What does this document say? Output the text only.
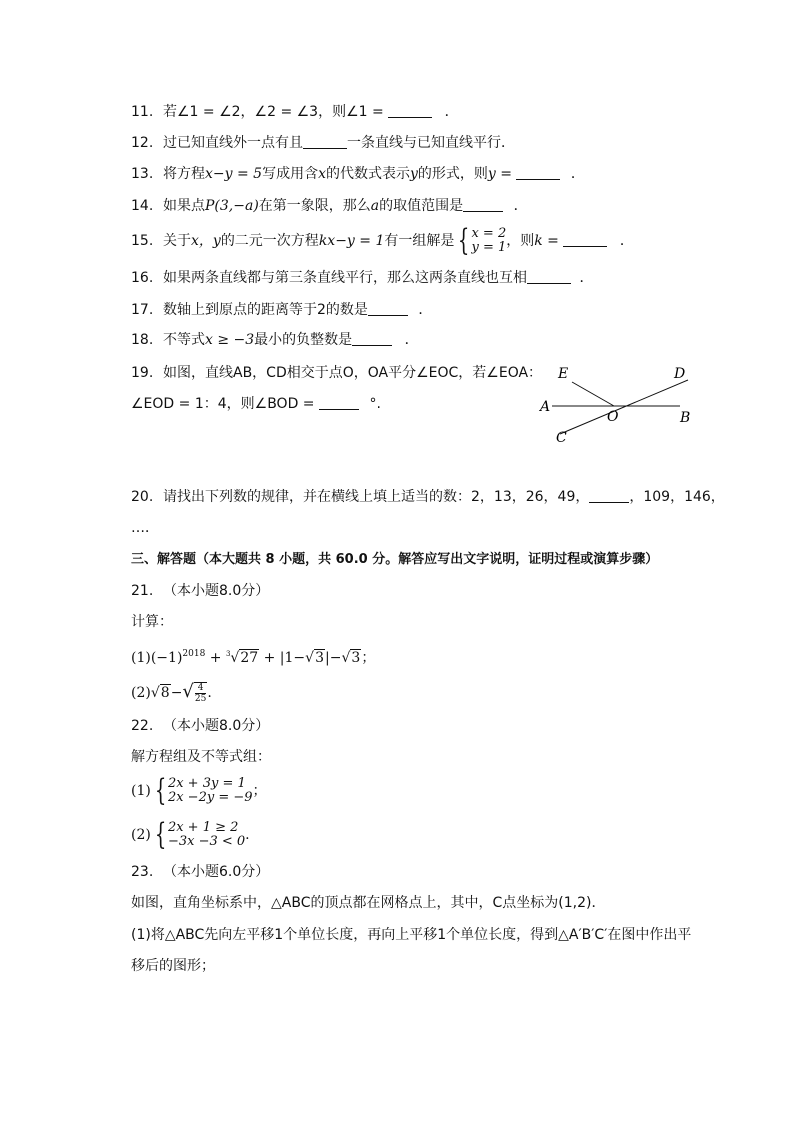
11. 若∠1 = ∠2，∠2 = ∠3，则∠1 =	．
12. 过已知直线外一点有且	一条直线与已知直线平行．
13. 将方程x−y = 5写成用含x的代数式表示y的形式，则y =	．
14. 如果点P(3,−a)在第一象限，那么a的取值范围是	．
15. 关于x，y的二元一次方程kx−y = 1有一组解是 { x = 2
y = 1 ，则k =	．
16. 如果两条直线都与第三条直线平行，那么这两条直线也互相	．
17. 数轴上到原点的距离等于2的数是	．
18. 不等式x ≥ −3最小的负整数是	．
19. 如图，直线AB，CD相交于点O，OA平分∠EOC，若∠EOA：
∠EOD = 1：4，则∠BOD =	°.
E	D
A
O	B
C
20. 请找出下列数的规律，并在横线上填上适当的数：2，13，26，49，	，109，146，
…．
三、解答题（本大题共 8 小题，共 60.0 分。解答应写出文字说明，证明过程或演算步骤）
21. （本小题8.0分）
计算：
$(1)(-1)^{2018} + ^3√27 + |1-√3|-√3$；
$(2)√8-√ \frac{4}{25}$.
22. （本小题8.0分）
解方程组及不等式组：
(1) { 2x + 3y = 1
2x −2y = −9 ；
(2) { 2x + 1 ≥ 2
−3x −3 < 0 .
23. （本小题6.0分）
如图，直角坐标系中，△ABC的顶点都在网格点上，其中，C点坐标为(1,2)．
(1)将△ABC先向左平移1个单位长度，再向上平移1个单位长度，得到△A′B′C′在图中作出平
移后的图形；
